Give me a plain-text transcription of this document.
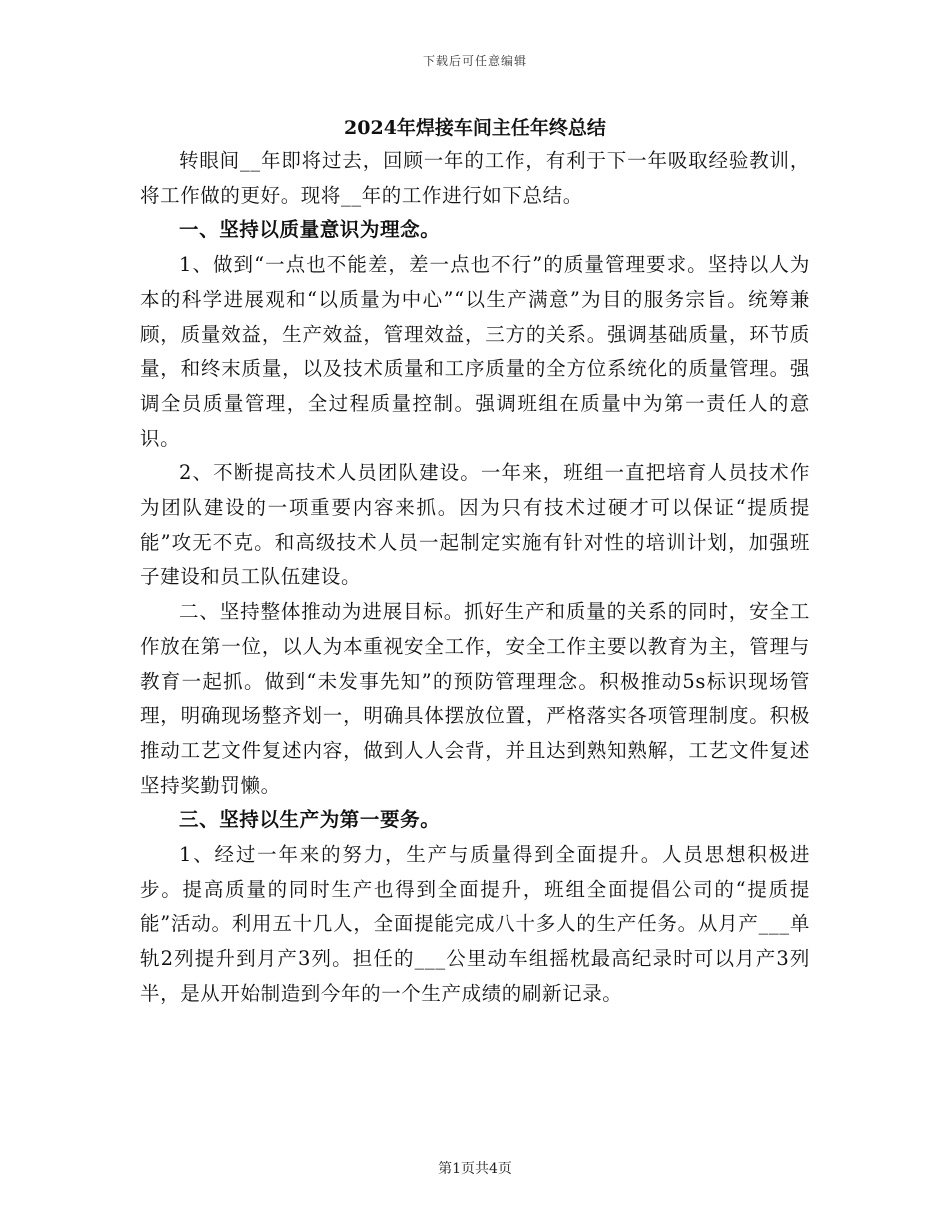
下载后可任意编辑
2024年焊接车间主任年终总结

转眼间__年即将过去，回顾一年的工作，有利于下一年吸取经验教训，将工作做的更好。现将__年的工作进行如下总结。

一、坚持以质量意识为理念。

1、做到“一点也不能差，差一点也不行”的质量管理要求。坚持以人为本的科学进展观和“以质量为中心”“以生产满意”为目的服务宗旨。统筹兼顾，质量效益，生产效益，管理效益，三方的关系。强调基础质量，环节质量，和终末质量，以及技术质量和工序质量的全方位系统化的质量管理。强调全员质量管理，全过程质量控制。强调班组在质量中为第一责任人的意识。

2、不断提高技术人员团队建设。一年来，班组一直把培育人员技术作为团队建设的一项重要内容来抓。因为只有技术过硬才可以保证“提质提能”攻无不克。和高级技术人员一起制定实施有针对性的培训计划，加强班子建设和员工队伍建设。

二、坚持整体推动为进展目标。抓好生产和质量的关系的同时，安全工作放在第一位，以人为本重视安全工作，安全工作主要以教育为主，管理与教育一起抓。做到“未发事先知”的预防管理理念。积极推动5s标识现场管理，明确现场整齐划一，明确具体摆放位置，严格落实各项管理制度。积极推动工艺文件复述内容，做到人人会背，并且达到熟知熟解，工艺文件复述坚持奖勤罚懒。

三、坚持以生产为第一要务。

1、经过一年来的努力，生产与质量得到全面提升。人员思想积极进步。提高质量的同时生产也得到全面提升，班组全面提倡公司的“提质提能”活动。利用五十几人，全面提能完成八十多人的生产任务。从月产___单轨2列提升到月产3列。担任的___公里动车组摇枕最高纪录时可以月产3列半，是从开始制造到今年的一个生产成绩的刷新记录。

第1页共4页
